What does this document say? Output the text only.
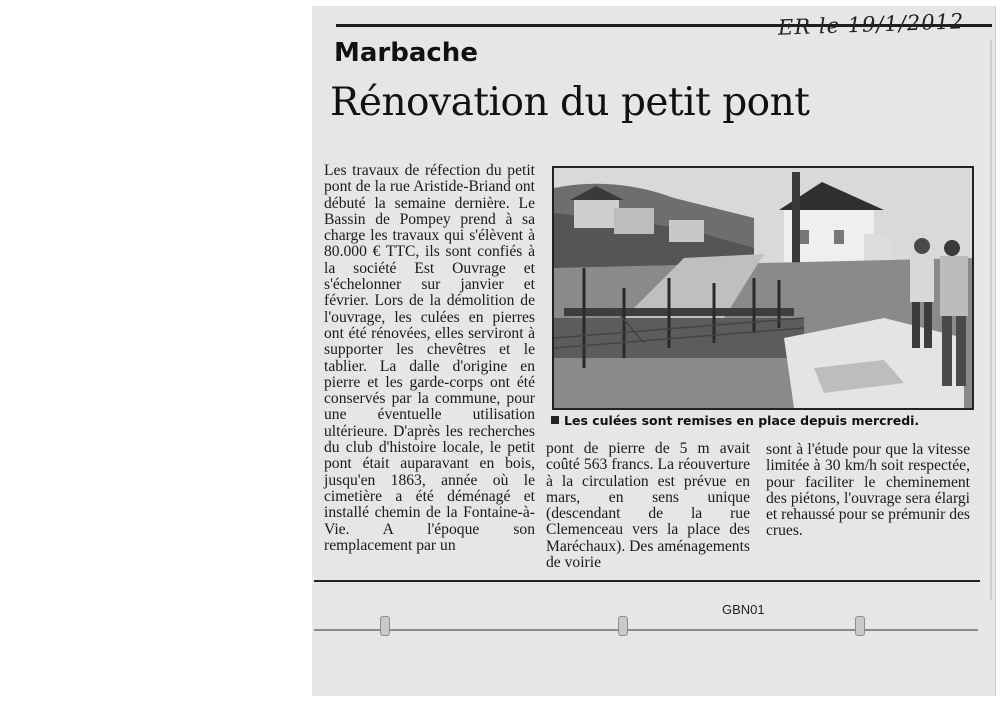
ER le 19/1/2012
Marbache
Rénovation du petit pont
Les travaux de réfection du petit pont de la rue Aristide-Briand ont débuté la semaine dernière. Le Bassin de Pompey prend à sa charge les travaux qui s'élèvent à 80.000 € TTC, ils sont confiés à la société Est Ouvrage et s'échelonner sur janvier et février. Lors de la démolition de l'ouvrage, les culées en pierres ont été rénovées, elles serviront à supporter les chevêtres et le tablier. La dalle d'origine en pierre et les garde-corps ont été conservés par la commune, pour une éventuelle utilisation ultérieure. D'après les recherches du club d'histoire locale, le petit pont était auparavant en bois, jusqu'en 1863, année où le cimetière a été déménagé et installé chemin de la Fontaine-à-Vie. A l'époque son remplacement par un
Les culées sont remises en place depuis mercredi.
pont de pierre de 5 m avait coûté 563 francs. La réouverture à la circulation est prévue en mars, en sens unique (descendant de la rue Clemenceau vers la place des Maréchaux). Des aménagements de voirie
sont à l'étude pour que la vitesse limitée à 30 km/h soit respectée, pour faciliter le cheminement des piétons, l'ouvrage sera élargi et rehaussé pour se prémunir des crues.
GBN01
